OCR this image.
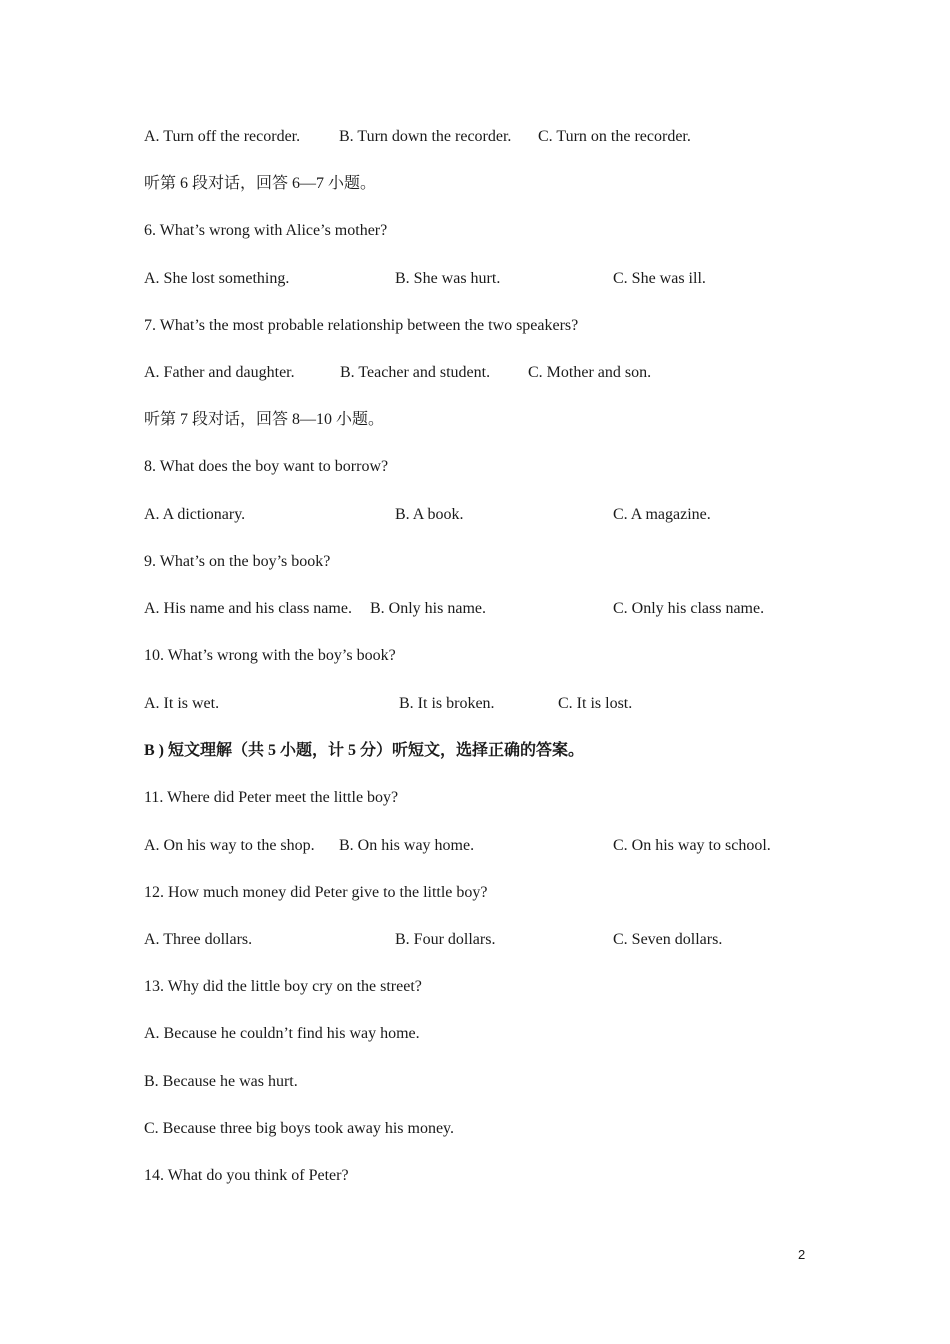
A. Turn off the recorder. B. Turn down the recorder. C. Turn on the recorder.
听第 6 段对话，回答 6—7 小题。
6. What’s wrong with Alice’s mother?
A. She lost something.	B. She was hurt.	C. She was ill.
7. What’s the most probable relationship between the two speakers?
A. Father and daughter.	B. Teacher and student. C. Mother and son.
听第 7 段对话，回答 8—10 小题。
8. What does the boy want to borrow?
A. A dictionary.	B. A book.	C. A magazine.
9. What’s on the boy’s book?
A. His name and his class name. B. Only his name.	C. Only his class name.
10. What’s wrong with the boy’s book?
A. It is wet.	B. It is broken.	C. It is lost.
B ) 短文理解（共 5 小题，计 5 分）听短文，选择正确的答案。
11. Where did Peter meet the little boy?
A. On his way to the shop. B. On his way home.	C. On his way to school.
12. How much money did Peter give to the little boy?
A. Three dollars.	B. Four dollars.	C. Seven dollars.
13. Why did the little boy cry on the street?
A. Because he couldn’t find his way home.
B. Because he was hurt.
C. Because three big boys took away his money.
14. What do you think of Peter?
2
